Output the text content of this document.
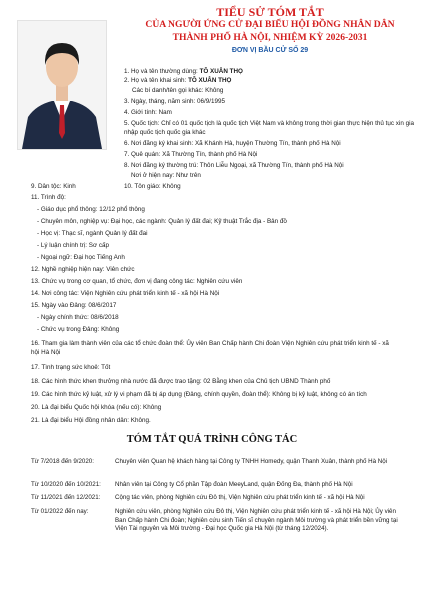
TIỂU SỬ TÓM TẮT
CỦA NGƯỜI ỨNG CỬ ĐẠI BIỂU HỘI ĐỒNG NHÂN DÂN
THÀNH PHỐ HÀ NỘI, NHIỆM KỲ 2026-2031
ĐƠN VỊ BẦU CỬ SỐ 29
1. Họ và tên thường dùng: TÔ XUÂN THỌ
2. Họ và tên khai sinh: TÔ XUÂN THỌ
Các bí danh/tên gọi khác: Không
3. Ngày, tháng, năm sinh: 06/9/1995
4. Giới tính: Nam
5. Quốc tịch: Chỉ có 01 quốc tịch là quốc tịch Việt Nam và không trong thời gian thực hiện thủ tục xin gia nhập quốc tịch quốc gia khác
6. Nơi đăng ký khai sinh: Xã Khánh Hà, huyện Thường Tín, thành phố Hà Nội
7. Quê quán: Xã Thường Tín, thành phố Hà Nội
8. Nơi đăng ký thường trú: Thôn Liễu Ngoại, xã Thường Tín, thành phố Hà Nội
Nơi ở hiện nay: Như trên
9. Dân tộc: Kinh	10. Tôn giáo: Không
11. Trình độ:
- Giáo dục phổ thông: 12/12 phổ thông
- Chuyên môn, nghiệp vụ: Đại học, các ngành: Quản lý đất đai; Kỹ thuật Trắc địa - Bản đồ
- Học vị: Thạc sĩ, ngành Quản lý đất đai
- Lý luận chính trị: Sơ cấp
- Ngoại ngữ: Đại học Tiếng Anh
12. Nghề nghiệp hiện nay: Viên chức
13. Chức vụ trong cơ quan, tổ chức, đơn vị đang công tác: Nghiên cứu viên
14. Nơi công tác: Viện Nghiên cứu phát triển kinh tế - xã hội Hà Nội
15. Ngày vào Đảng: 08/6/2017
- Ngày chính thức: 08/6/2018
- Chức vụ trong Đảng: Không
16. Tham gia làm thành viên của các tổ chức đoàn thể: Ủy viên Ban Chấp hành Chi đoàn Viện Nghiên cứu phát triển kinh tế - xã hội Hà Nội
17. Tình trạng sức khoẻ: Tốt
18. Các hình thức khen thưởng nhà nước đã được trao tặng: 02 Bằng khen của Chủ tịch UBND Thành phố
19. Các hình thức kỷ luật, xử lý vi phạm đã bị áp dụng (Đảng, chính quyền, đoàn thể): Không bị kỷ luật, không có án tích
20. Là đại biểu Quốc hội khóa (nếu có): Không
21. Là đại biểu Hội đồng nhân dân: Không.
TÓM TẮT QUÁ TRÌNH CÔNG TÁC
Từ 7/2018 đến 9/2020:	Chuyên viên Quan hệ khách hàng tại Công ty TNHH Homedy, quận Thanh Xuân, thành phố Hà Nội
Từ 10/2020 đến 10/2021: Nhân viên tại Công ty Cổ phần Tập đoàn MeeyLand, quận Đống Đa, thành phố Hà Nội
Từ 11/2021 đến 12/2021: Cộng tác viên, phòng Nghiên cứu Đô thị, Viện Nghiên cứu phát triển kinh tế - xã hội Hà Nội
Từ 01/2022 đến nay:	Nghiên cứu viên, phòng Nghiên cứu Đô thị, Viện Nghiên cứu phát triển kinh tế - xã hội Hà Nội; Ủy viên Ban Chấp hành Chi đoàn; Nghiên cứu sinh Tiến sĩ chuyên ngành Môi trường và phát triển bền vững tại Viện Tài nguyên và Môi trường - Đại học Quốc gia Hà Nội (từ tháng 12/2024).
